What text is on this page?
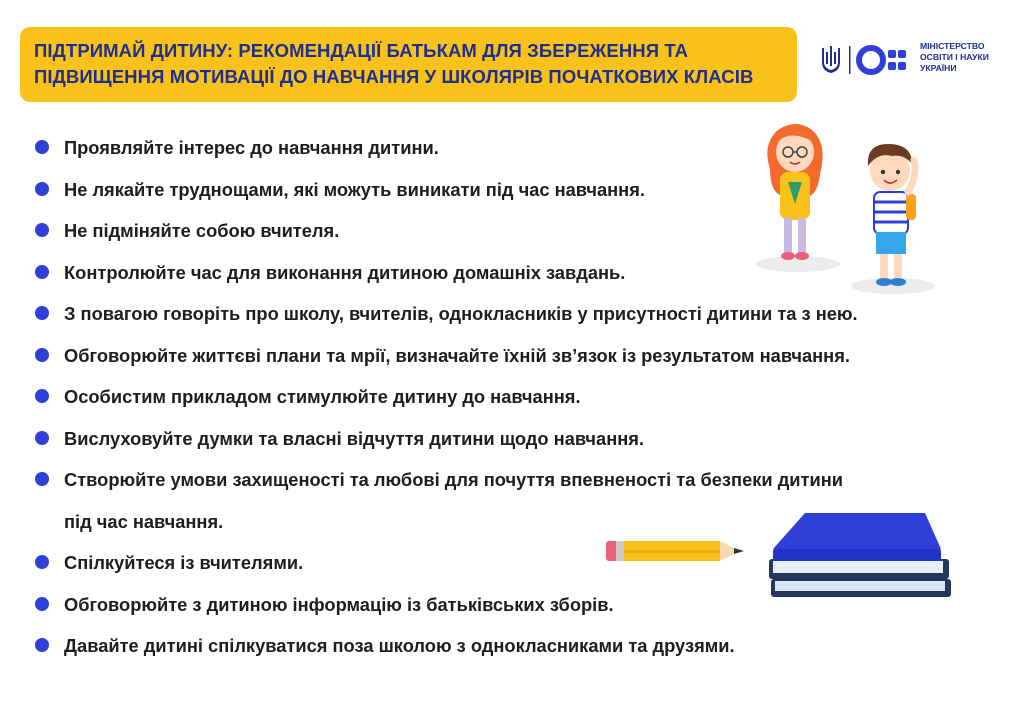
ПІДТРИМАЙ ДИТИНУ: РЕКОМЕНДАЦІЇ БАТЬКАМ ДЛЯ ЗБЕРЕЖЕННЯ ТА
ПІДВИЩЕННЯ МОТИВАЦІЇ ДО НАВЧАННЯ У ШКОЛЯРІВ ПОЧАТКОВИХ КЛАСІВ
МІНІСТЕРСТВО
ОСВІТИ І НАУКИ
УКРАЇНИ
Проявляйте інтерес до навчання дитини.
Не лякайте труднощами, які можуть виникати під час навчання.
Не підміняйте собою вчителя.
Контролюйте час для виконання дитиною домашніх завдань.
З повагою говоріть про школу, вчителів, однокласників у присутності дитини та з нею.
Обговорюйте життєві плани та мрії, визначайте їхній зв’язок із результатом навчання.
Особистим прикладом стимулюйте дитину до навчання.
Вислуховуйте думки та власні відчуття дитини щодо навчання.
Створюйте умови захищеності та любові для почуття впевненості та безпеки дитини
під час навчання.
Спілкуйтеся із вчителями.
Обговорюйте з дитиною інформацію із батьківських зборів.
Давайте дитині спілкуватися поза школою з однокласниками та друзями.
